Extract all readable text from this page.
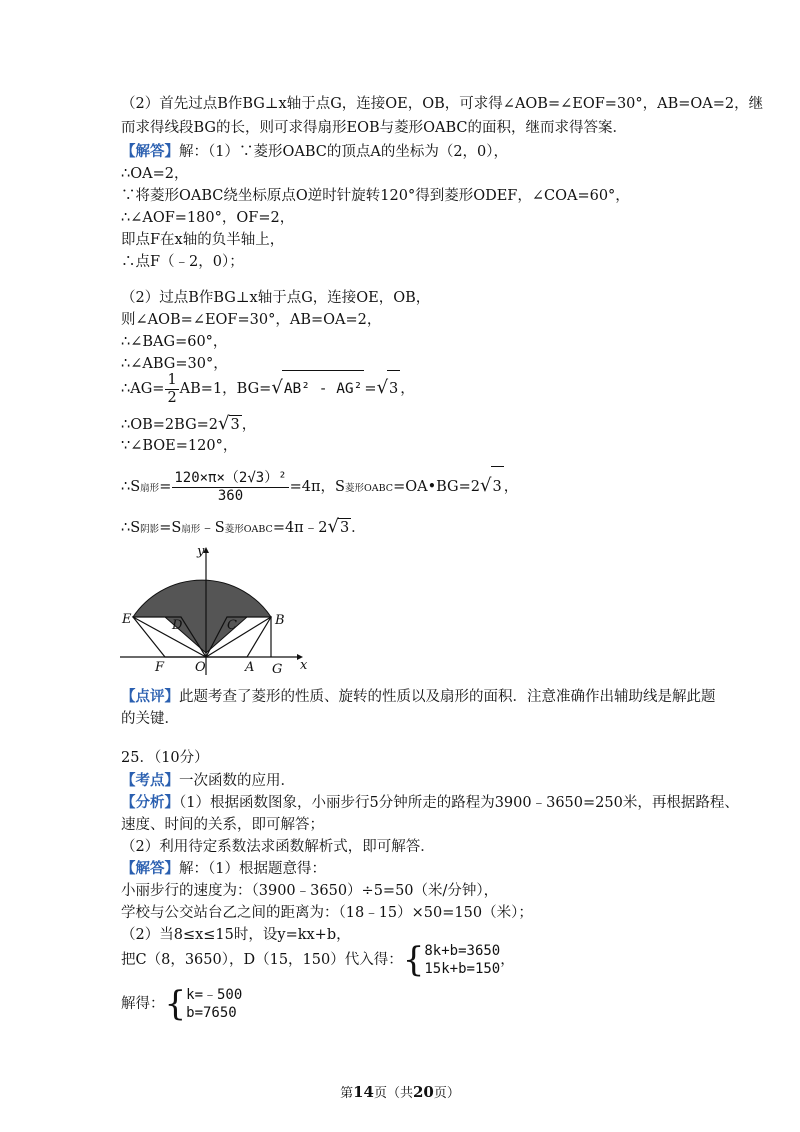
（2）首先过点B作BG⊥x轴于点G，连接OE，OB，可求得∠AOB=∠EOF=30°，AB=OA=2，继
而求得线段BG的长，则可求得扇形EOB与菱形OABC的面积，继而求得答案．
【解答】解：（1）∵菱形OABC的顶点A的坐标为（2，0），
∴OA=2，
∵将菱形OABC绕坐标原点O逆时针旋转120°得到菱形ODEF，∠COA=60°，
∴∠AOF=180°，OF=2，
即点F在x轴的负半轴上，
∴点F（﹣2，0）；
（2）过点B作BG⊥x轴于点G，连接OE，OB，
则∠AOB=∠EOF=30°，AB=OA=2，
∴∠BAG=60°，
∴∠ABG=30°，
∴AG= $\frac{1}{2} AB=1$，BG=√AB² - AG² =√3 ，
∴OB=2BG=2√3 ，
∵∠BOE=120°，
∴S扇形= $\frac{\text{120×π×（2√3）²}}{360} =4\pi$，S菱形OABC=OA•BG=2√3 ，
∴S阴影=S扇形﹣S菱形OABC=4π﹣2√3 ．
y
x
E	D	C	B
F O	A G
【点评】此题考查了菱形的性质、旋转的性质以及扇形的面积．注意准确作出辅助线是解此题
的关键．
25．（10分）
【考点】一次函数的应用．
【分析】（1）根据函数图象，小丽步行5分钟所走的路程为3900﹣3650=250米，再根据路程、
速度、时间的关系，即可解答；
（2）利用待定系数法求函数解析式，即可解答．
【解答】解：（1）根据题意得：
小丽步行的速度为：（3900﹣3650）÷5=50（米/分钟），
学校与公交站台乙之间的距离为：（18﹣15）×50=150（米）；
（2）当8≤x≤15时，设y=kx+b，
把C（8，3650），D（15，150）代入得：{ 8k+b=3650
15k+b=150
，
解得：{ k=﹣500
b=7650
第14页（共20页）
